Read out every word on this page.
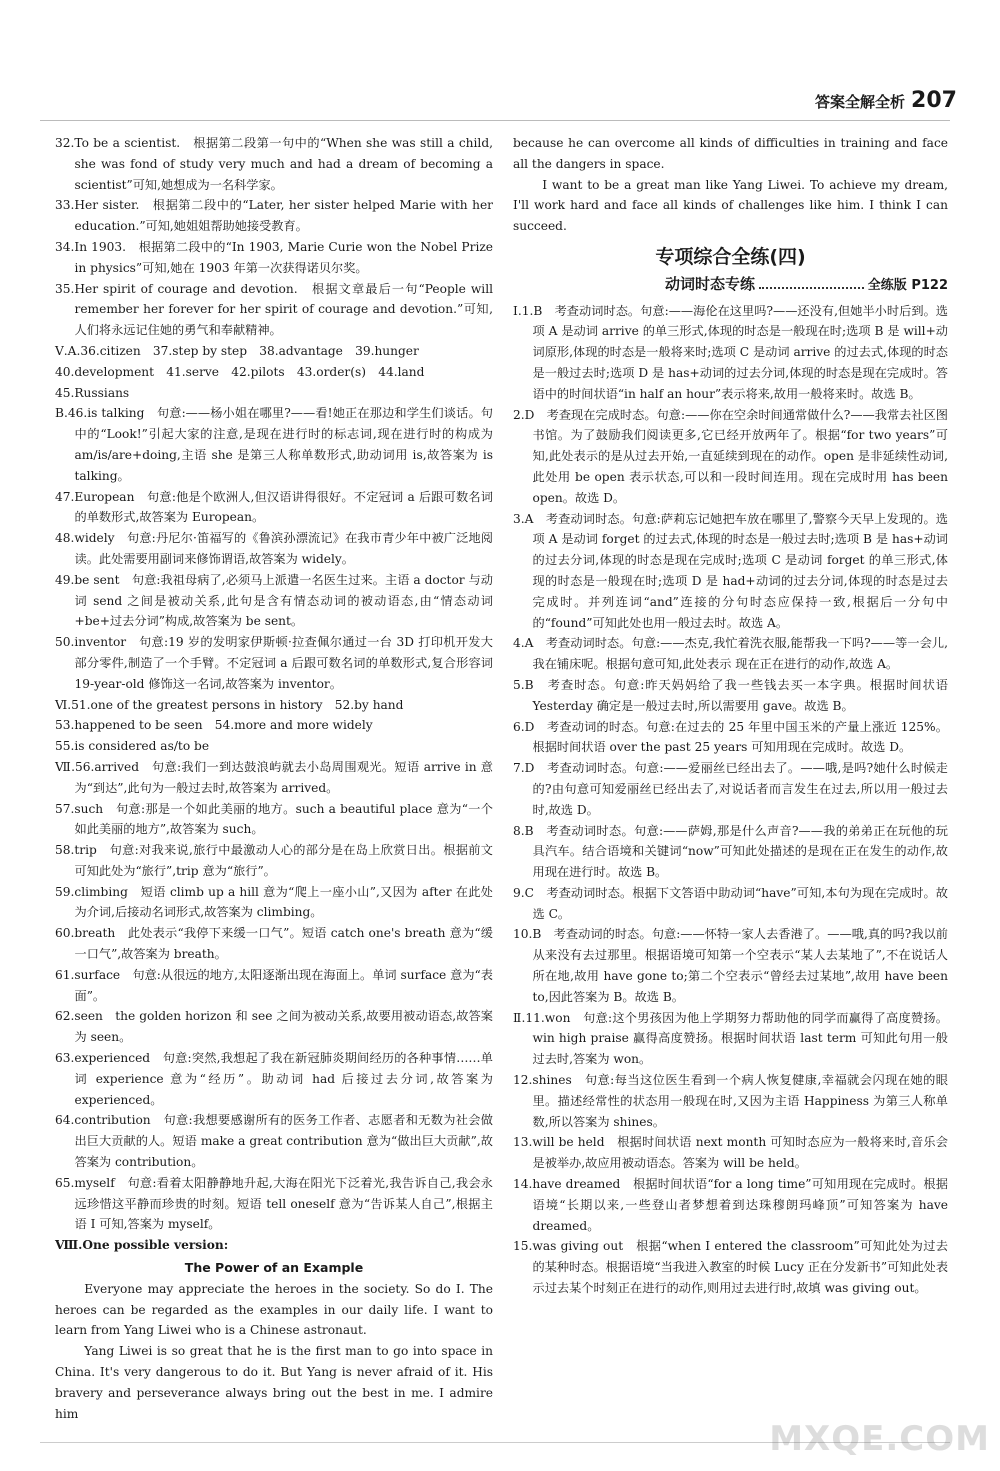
答案全解全析 207

32.To be a scientist.　根据第二段第一句中的“When she was still a child, she was fond of study very much and had a dream of becoming a scientist”可知,她想成为一名科学家。

33.Her sister.　根据第二段中的“Later, her sister helped Marie with her education.”可知,她姐姐帮助她接受教育。

34.In 1903.　根据第二段中的“In 1903, Marie Curie won the Nobel Prize in physics”可知,她在 1903 年第一次获得诺贝尔奖。

35.Her spirit of courage and devotion.　根据文章最后一句“People will remember her forever for her spirit of courage and devotion.”可知,人们将永远记住她的勇气和奉献精神。

Ⅴ.A.36.citizen　37.step by step　38.advantage　39.hunger

40.development　41.serve　42.pilots　43.order(s)　44.land

45.Russians

B.46.is talking　句意:——杨小姐在哪里?——看!她正在那边和学生们谈话。句中的“Look!”引起大家的注意,是现在进行时的标志词,现在进行时的构成为 am/is/are+doing,主语 she 是第三人称单数形式,助动词用 is,故答案为 is talking。

47.European　句意:他是个欧洲人,但汉语讲得很好。不定冠词 a 后跟可数名词的单数形式,故答案为 European。

48.widely　句意:丹尼尔·笛福写的《鲁滨孙漂流记》在我市青少年中被广泛地阅读。此处需要用副词来修饰谓语,故答案为 widely。

49.be sent　句意:我祖母病了,必须马上派遣一名医生过来。主语 a doctor 与动词 send 之间是被动关系,此句是含有情态动词的被动语态,由“情态动词+be+过去分词”构成,故答案为 be sent。

50.inventor　句意:19 岁的发明家伊斯顿·拉查佩尔通过一台 3D 打印机开发大部分零件,制造了一个手臂。不定冠词 a 后跟可数名词的单数形式,复合形容词 19-year-old 修饰这一名词,故答案为 inventor。

Ⅵ.51.one of the greatest persons in history　52.by hand

53.happened to be seen　54.more and more widely

55.is considered as/to be

Ⅶ.56.arrived　句意:我们一到达鼓浪屿就去小岛周围观光。短语 arrive in 意为“到达”,此句为一般过去时,故答案为 arrived。

57.such　句意:那是一个如此美丽的地方。such a beautiful place 意为“一个如此美丽的地方”,故答案为 such。

58.trip　句意:对我来说,旅行中最激动人心的部分是在岛上欣赏日出。根据前文可知此处为“旅行”,trip 意为“旅行”。

59.climbing　短语 climb up a hill 意为“爬上一座小山”,又因为 after 在此处为介词,后接动名词形式,故答案为 climbing。

60.breath　此处表示“我停下来缓一口气”。短语 catch one's breath 意为“缓一口气”,故答案为 breath。

61.surface　句意:从很远的地方,太阳逐渐出现在海面上。单词 surface 意为“表面”。

62.seen　the golden horizon 和 see 之间为被动关系,故要用被动语态,故答案为 seen。

63.experienced　句意:突然,我想起了我在新冠肺炎期间经历的各种事情……单词 experience 意为“经历”。助动词 had 后接过去分词,故答案为 experienced。

64.contribution　句意:我想要感谢所有的医务工作者、志愿者和无数为社会做出巨大贡献的人。短语 make a great contribution 意为“做出巨大贡献”,故答案为 contribution。

65.myself　句意:看着太阳静静地升起,大海在阳光下泛着光,我告诉自己,我会永远珍惜这平静而珍贵的时刻。短语 tell oneself 意为“告诉某人自己”,根据主语 I 可知,答案为 myself。

Ⅷ.One possible version:

The Power of an Example

Everyone may appreciate the heroes in the society. So do I. The heroes can be regarded as the examples in our daily life. I want to learn from Yang Liwei who is a Chinese astronaut.

Yang Liwei is so great that he is the first man to go into space in China. It's very dangerous to do it. But Yang is never afraid of it. His bravery and perseverance always bring out the best in me. I admire him

because he can overcome all kinds of difficulties in training and face all the dangers in space.

I want to be a great man like Yang Liwei. To achieve my dream, I'll work hard and face all kinds of challenges like him. I think I can succeed.

专项综合全练(四)
动词时态专练	全练版 P122

Ⅰ.1.B　考查动词时态。句意:——海伦在这里吗?——还没有,但她半小时后到。选项 A 是动词 arrive 的单三形式,体现的时态是一般现在时;选项 B 是 will+动词原形,体现的时态是一般将来时;选项 C 是动词 arrive 的过去式,体现的时态是一般过去时;选项 D 是 has+动词的过去分词,体现的时态是现在完成时。答语中的时间状语“in half an hour”表示将来,故用一般将来时。故选 B。

2.D　考查现在完成时态。句意:——你在空余时间通常做什么?——我常去社区图书馆。为了鼓励我们阅读更多,它已经开放两年了。根据“for two years”可知,此处表示的是从过去开始,一直延续到现在的动作。open 是非延续性动词,此处用 be open 表示状态,可以和一段时间连用。现在完成时用 has been open。故选 D。

3.A　考查动词时态。句意:萨莉忘记她把车放在哪里了,警察今天早上发现的。选项 A 是动词 forget 的过去式,体现的时态是一般过去时;选项 B 是 has+动词的过去分词,体现的时态是现在完成时;选项 C 是动词 forget 的单三形式,体现的时态是一般现在时;选项 D 是 had+动词的过去分词,体现的时态是过去完成时。并列连词“and”连接的分句时态应保持一致,根据后一分句中的“found”可知此处也用一般过去时。故选 A。

4.A　考查动词时态。句意:——杰克,我忙着洗衣服,能帮我一下吗?——等一会儿,我在铺床呢。根据句意可知,此处表示 现在正在进行的动作,故选 A。

5.B　考查时态。句意:昨天妈妈给了我一些钱去买一本字典。根据时间状语 Yesterday 确定是一般过去时,所以需要用 gave。故选 B。

6.D　考查动词的时态。句意:在过去的 25 年里中国玉米的产量上涨近 125%。根据时间状语 over the past 25 years 可知用现在完成时。故选 D。

7.D　考查动词时态。句意:——爱丽丝已经出去了。——哦,是吗?她什么时候走的?由句意可知爱丽丝已经出去了,对说话者而言发生在过去,所以用一般过去时,故选 D。

8.B　考查动词时态。句意:——萨姆,那是什么声音?——我的弟弟正在玩他的玩具汽车。结合语境和关键词“now”可知此处描述的是现在正在发生的动作,故用现在进行时。故选 B。

9.C　考查动词时态。根据下文答语中助动词“have”可知,本句为现在完成时。故选 C。

10.B　考查动词的时态。句意:——怀特一家人去香港了。——哦,真的吗?我以前从来没有去过那里。根据语境可知第一个空表示“某人去某地了”,不在说话人所在地,故用 have gone to;第二个空表示“曾经去过某地”,故用 have been to,因此答案为 B。故选 B。

Ⅱ.11.won　句意:这个男孩因为他上学期努力帮助他的同学而赢得了高度赞扬。win high praise 赢得高度赞扬。根据时间状语 last term 可知此句用一般过去时,答案为 won。

12.shines　句意:每当这位医生看到一个病人恢复健康,幸福就会闪现在她的眼里。描述经常性的状态用一般现在时,又因为主语 Happiness 为第三人称单数,所以答案为 shines。

13.will be held　根据时间状语 next month 可知时态应为一般将来时,音乐会是被举办,故应用被动语态。答案为 will be held。

14.have dreamed　根据时间状语“for a long time”可知用现在完成时。根据语境“长期以来,一些登山者梦想着到达珠穆朗玛峰顶”可知答案为 have dreamed。

15.was giving out　根据“when I entered the classroom”可知此处为过去的某种时态。根据语境“当我进入教室的时候 Lucy 正在分发新书”可知此处表示过去某个时刻正在进行的动作,则用过去进行时,故填 was giving out。

MXQE.COM
